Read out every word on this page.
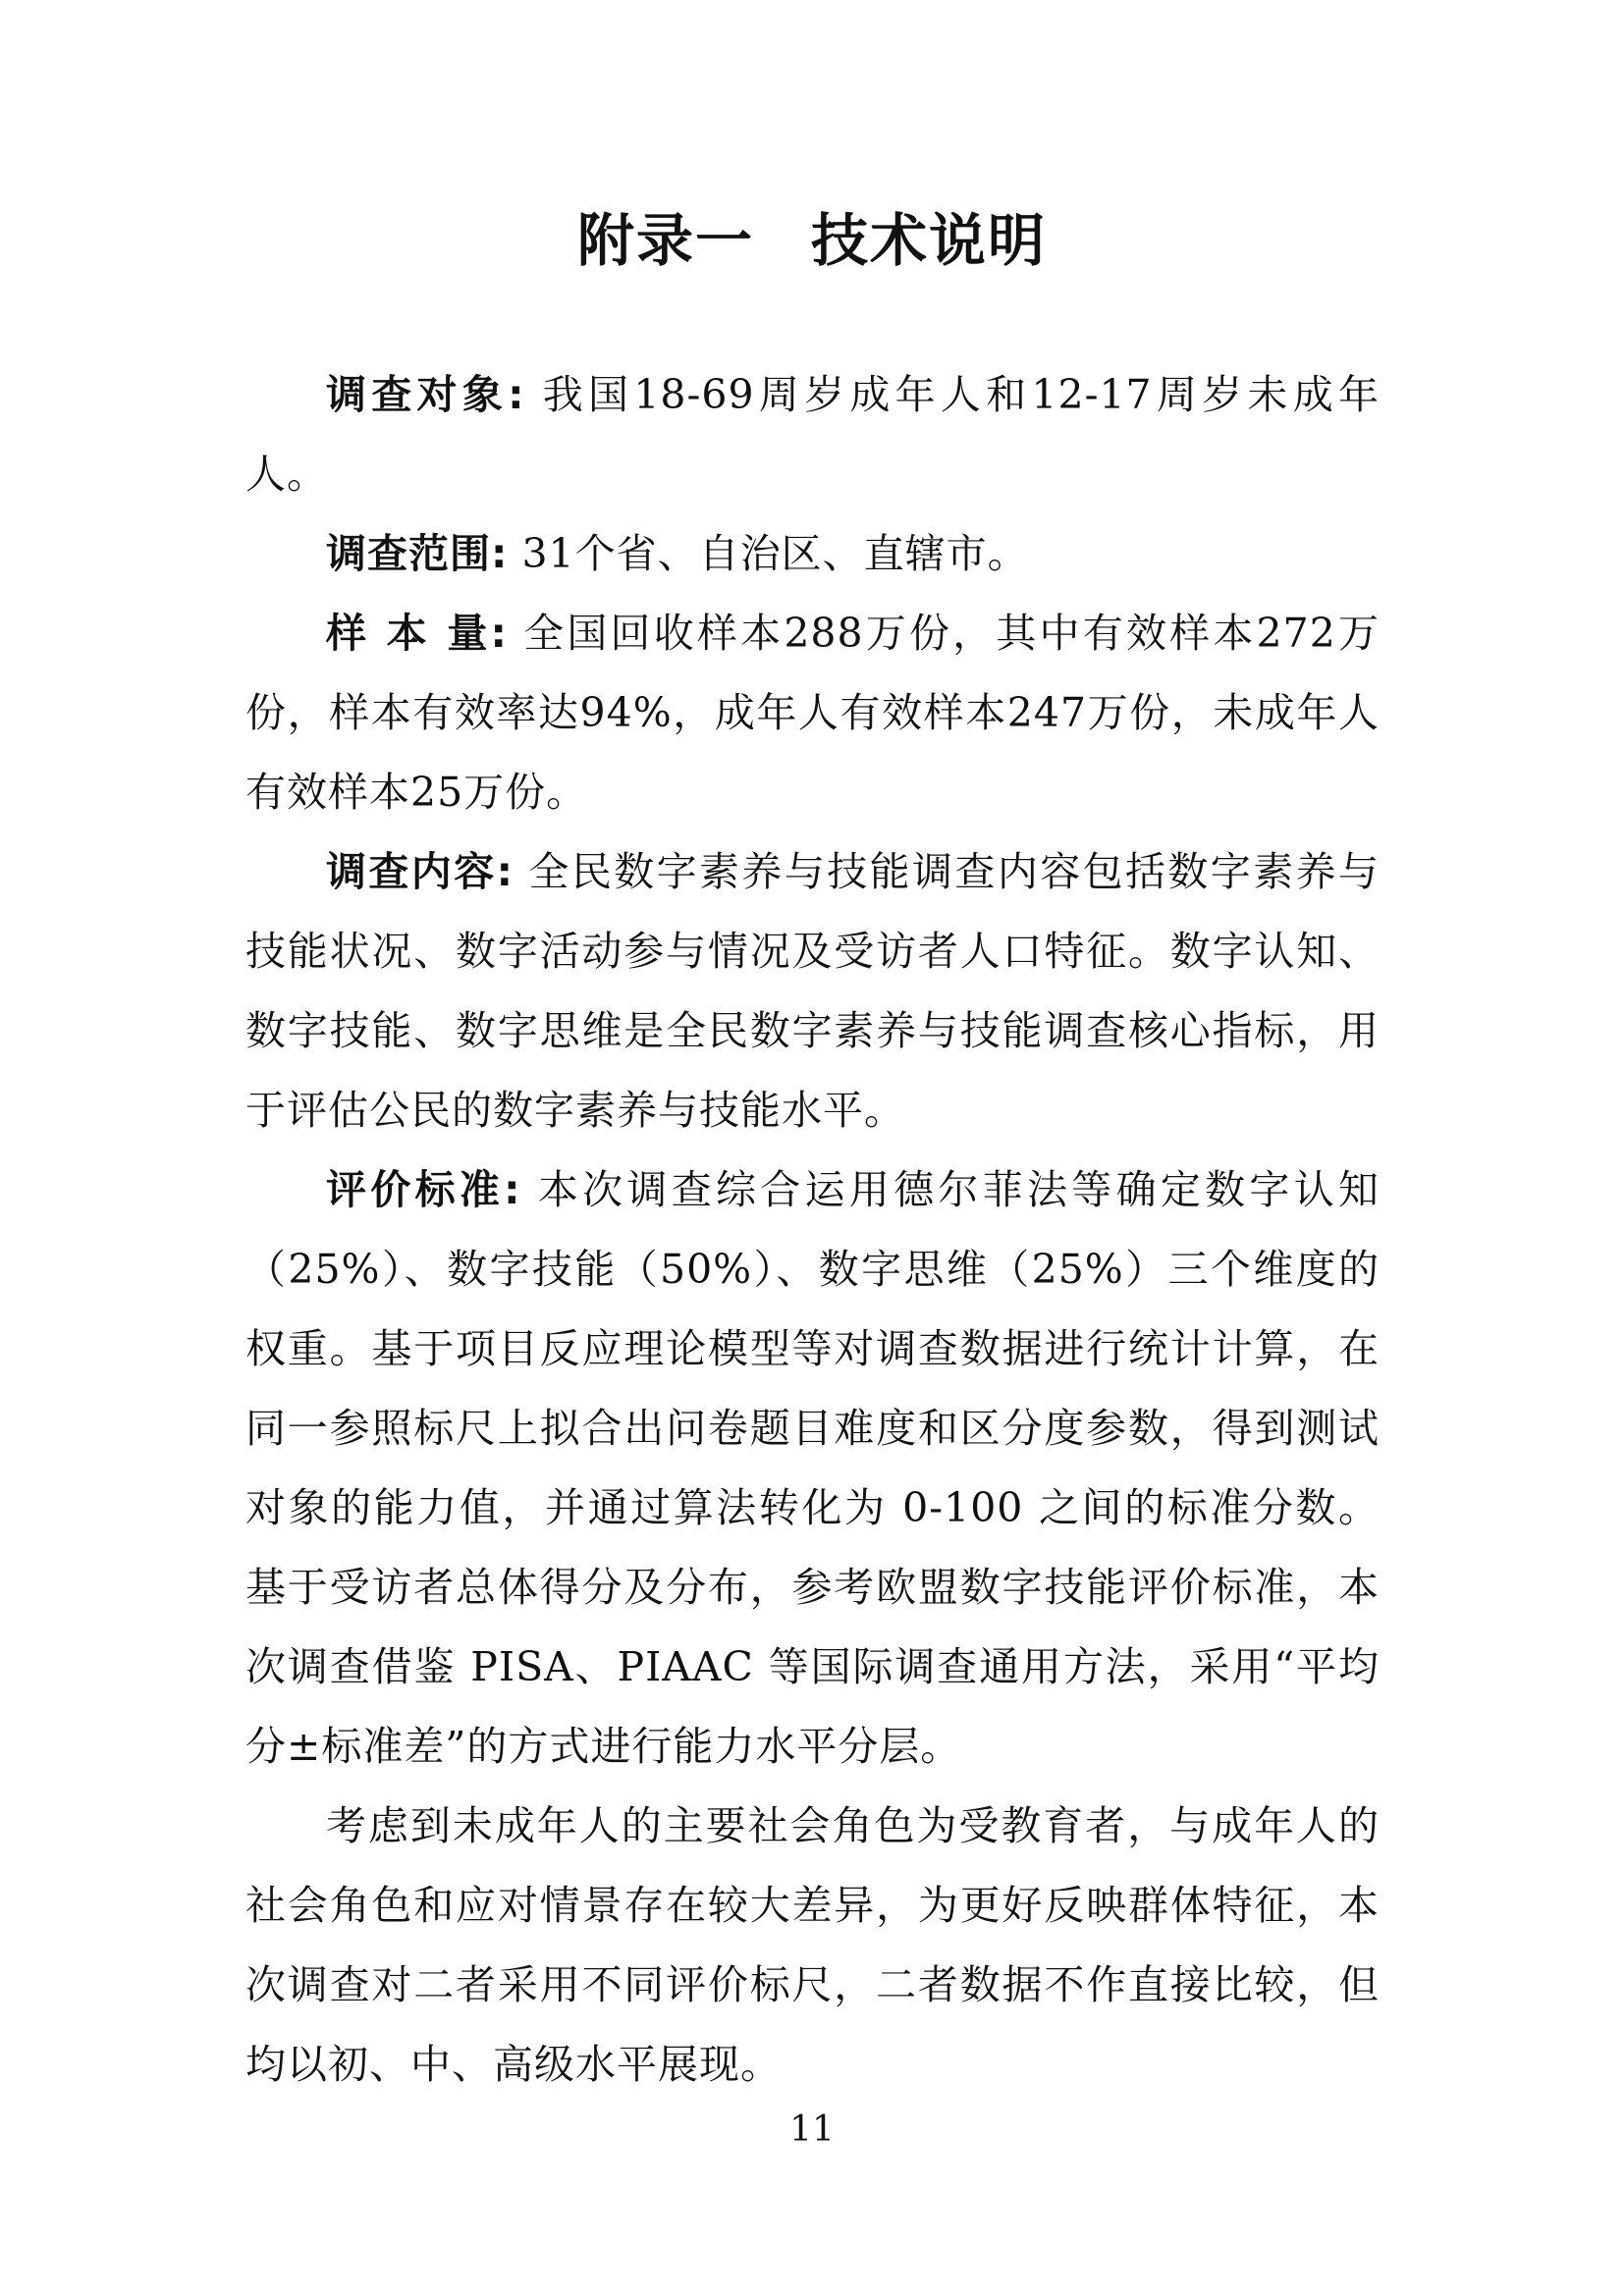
附录一 技术说明

调查对象: 我国18-69周岁成年人和12-17周岁未成年人。

调查范围: 31个省、自治区、直辖市。

样 本 量: 全国回收样本288万份，其中有效样本272万份，样本有效率达94%，成年人有效样本247万份，未成年人有效样本25万份。

调查内容: 全民数字素养与技能调查内容包括数字素养与技能状况、数字活动参与情况及受访者人口特征。数字认知、数字技能、数字思维是全民数字素养与技能调查核心指标，用于评估公民的数字素养与技能水平。

评价标准: 本次调查综合运用德尔菲法等确定数字认知（25%）、数字技能（50%）、数字思维（25%）三个维度的权重。基于项目反应理论模型等对调查数据进行统计计算，在同一参照标尺上拟合出问卷题目难度和区分度参数，得到测试对象的能力值，并通过算法转化为 0-100 之间的标准分数。基于受访者总体得分及分布，参考欧盟数字技能评价标准，本次调查借鉴 PISA、PIAAC 等国际调查通用方法，采用“平均分±标准差”的方式进行能力水平分层。

考虑到未成年人的主要社会角色为受教育者，与成年人的社会角色和应对情景存在较大差异，为更好反映群体特征，本次调查对二者采用不同评价标尺，二者数据不作直接比较，但均以初、中、高级水平展现。

11
